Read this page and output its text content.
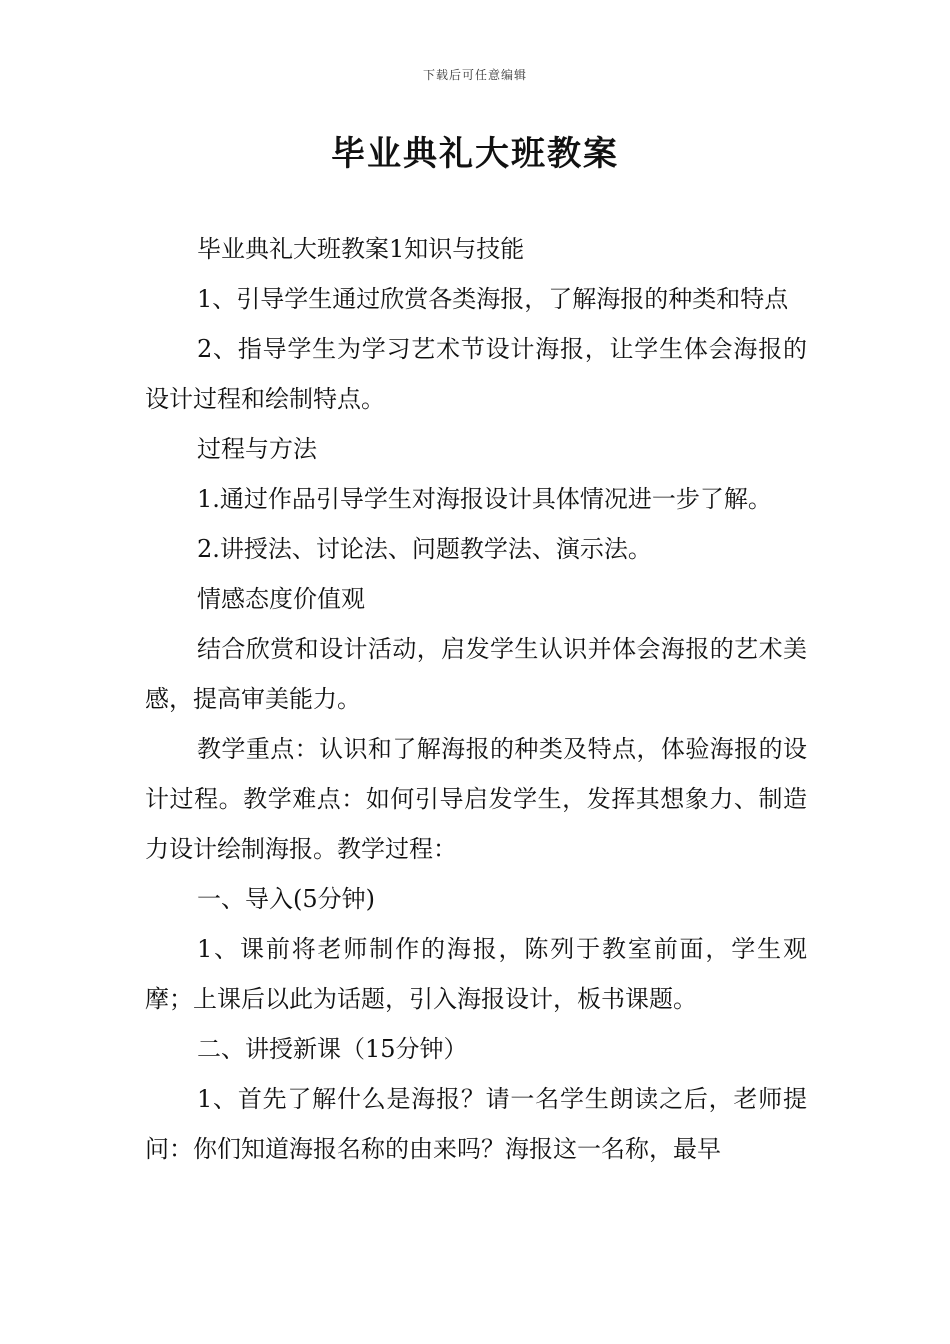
下载后可任意编辑
毕业典礼大班教案

毕业典礼大班教案1知识与技能

1、引导学生通过欣赏各类海报，了解海报的种类和特点

2、指导学生为学习艺术节设计海报，让学生体会海报的设计过程和绘制特点。

过程与方法

1.通过作品引导学生对海报设计具体情况进一步了解。

2.讲授法、讨论法、问题教学法、演示法。

情感态度价值观

结合欣赏和设计活动，启发学生认识并体会海报的艺术美感，提高审美能力。

教学重点：认识和了解海报的种类及特点，体验海报的设计过程。教学难点：如何引导启发学生，发挥其想象力、制造力设计绘制海报。教学过程：

一、导入(5分钟)

1、课前将老师制作的海报，陈列于教室前面，学生观摩；上课后以此为话题，引入海报设计，板书课题。

二、讲授新课（15分钟）

1、首先了解什么是海报？请一名学生朗读之后，老师提问：你们知道海报名称的由来吗？海报这一名称，最早
